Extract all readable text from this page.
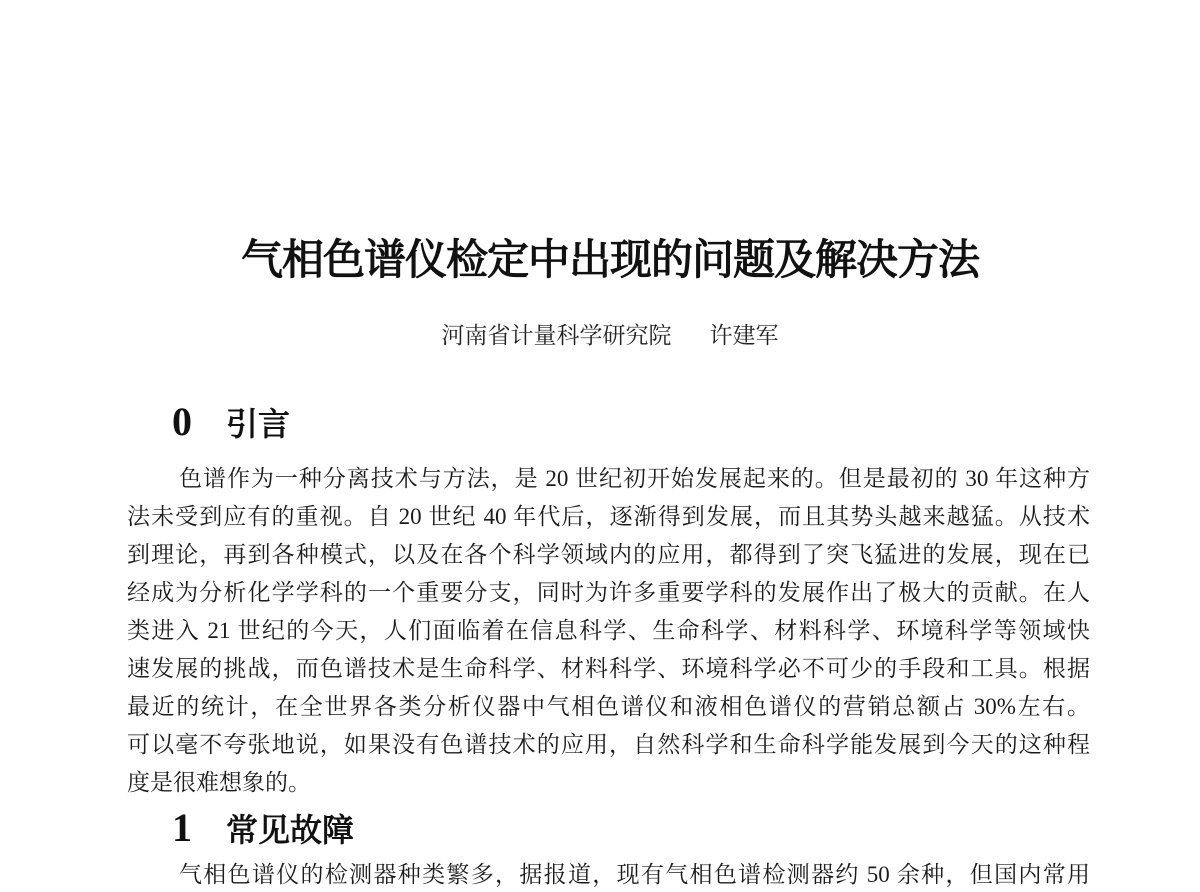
气相色谱仪检定中出现的问题及解决方法
河南省计量科学研究院 许建军
0 引言
色谱作为一种分离技术与方法，是 20 世纪初开始发展起来的。但是最初的 30 年这种方
法未受到应有的重视。自 20 世纪 40 年代后，逐渐得到发展，而且其势头越来越猛。从技术
到理论，再到各种模式，以及在各个科学领域内的应用，都得到了突飞猛进的发展，现在已
经成为分析化学学科的一个重要分支，同时为许多重要学科的发展作出了极大的贡献。在人
类进入 21 世纪的今天，人们面临着在信息科学、生命科学、材料科学、环境科学等领域快
速发展的挑战，而色谱技术是生命科学、材料科学、环境科学必不可少的手段和工具。根据
最近的统计，在全世界各类分析仪器中气相色谱仪和液相色谱仪的营销总额占 30%左右。
可以毫不夸张地说，如果没有色谱技术的应用，自然科学和生命科学能发展到今天的这种程
度是很难想象的。
1 常见故障
气相色谱仪的检测器种类繁多，据报道，现有气相色谱检测器约 50 余种，但国内常用
